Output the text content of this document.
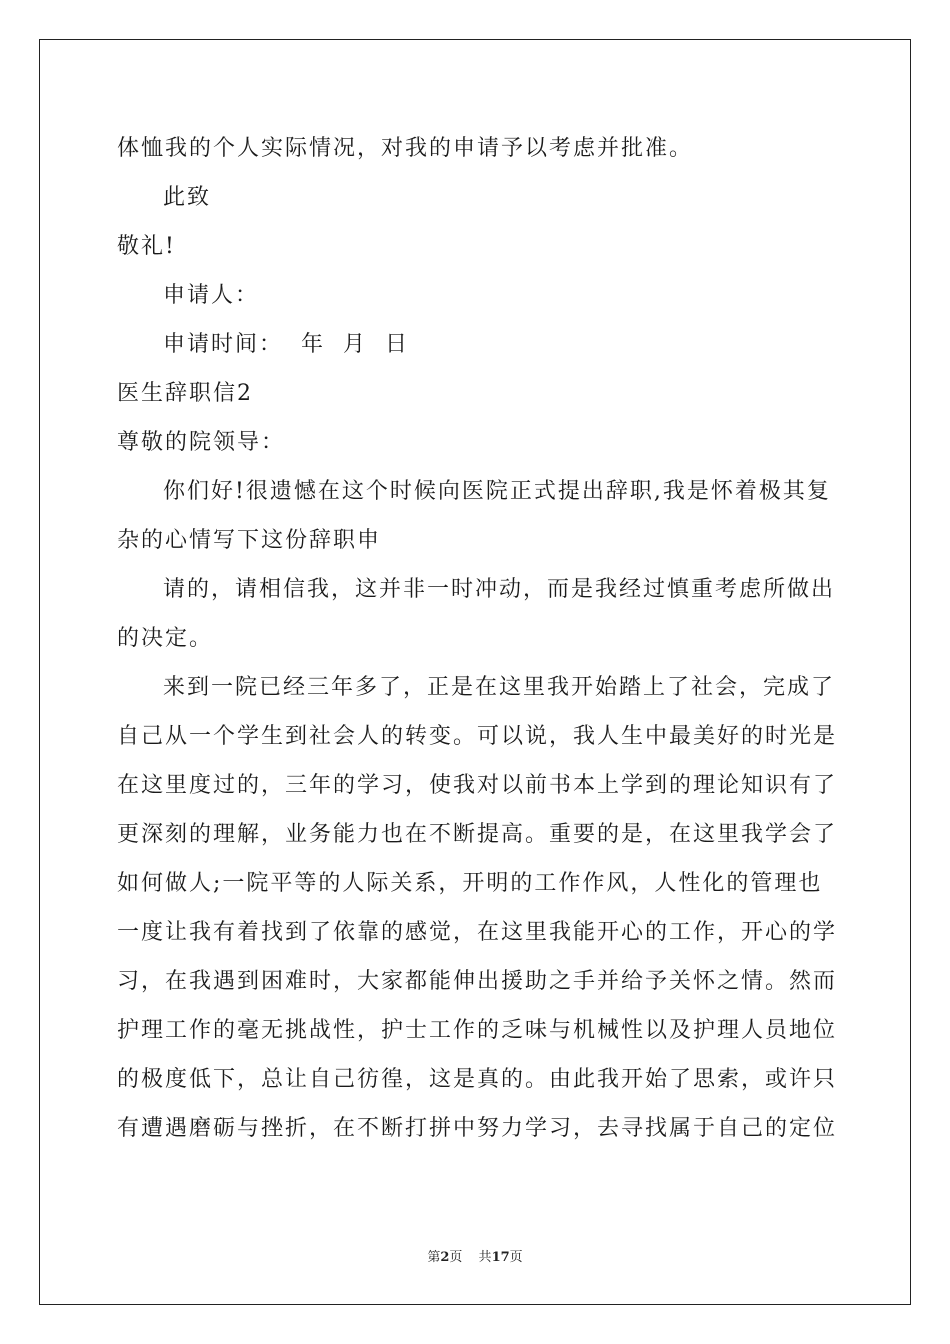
体恤我的个人实际情况，对我的申请予以考虑并批准。
此致
敬礼!
申请人：
申请时间：  年  月  日
医生辞职信2
尊敬的院领导：
你们好!很遗憾在这个时候向医院正式提出辞职,我是怀着极其复
杂的心情写下这份辞职申
请的，请相信我，这并非一时冲动，而是我经过慎重考虑所做出
的决定。
来到一院已经三年多了，正是在这里我开始踏上了社会，完成了
自己从一个学生到社会人的转变。可以说，我人生中最美好的时光是
在这里度过的，三年的学习，使我对以前书本上学到的理论知识有了
更深刻的理解，业务能力也在不断提高。重要的是，在这里我学会了
如何做人;一院平等的人际关系，开明的工作作风，人性化的管理也
一度让我有着找到了依靠的感觉，在这里我能开心的工作，开心的学
习，在我遇到困难时，大家都能伸出援助之手并给予关怀之情。然而
护理工作的毫无挑战性，护士工作的乏味与机械性以及护理人员地位
的极度低下，总让自己彷徨，这是真的。由此我开始了思索，或许只
有遭遇磨砺与挫折，在不断打拼中努力学习，去寻找属于自己的定位
第2页 共17页
